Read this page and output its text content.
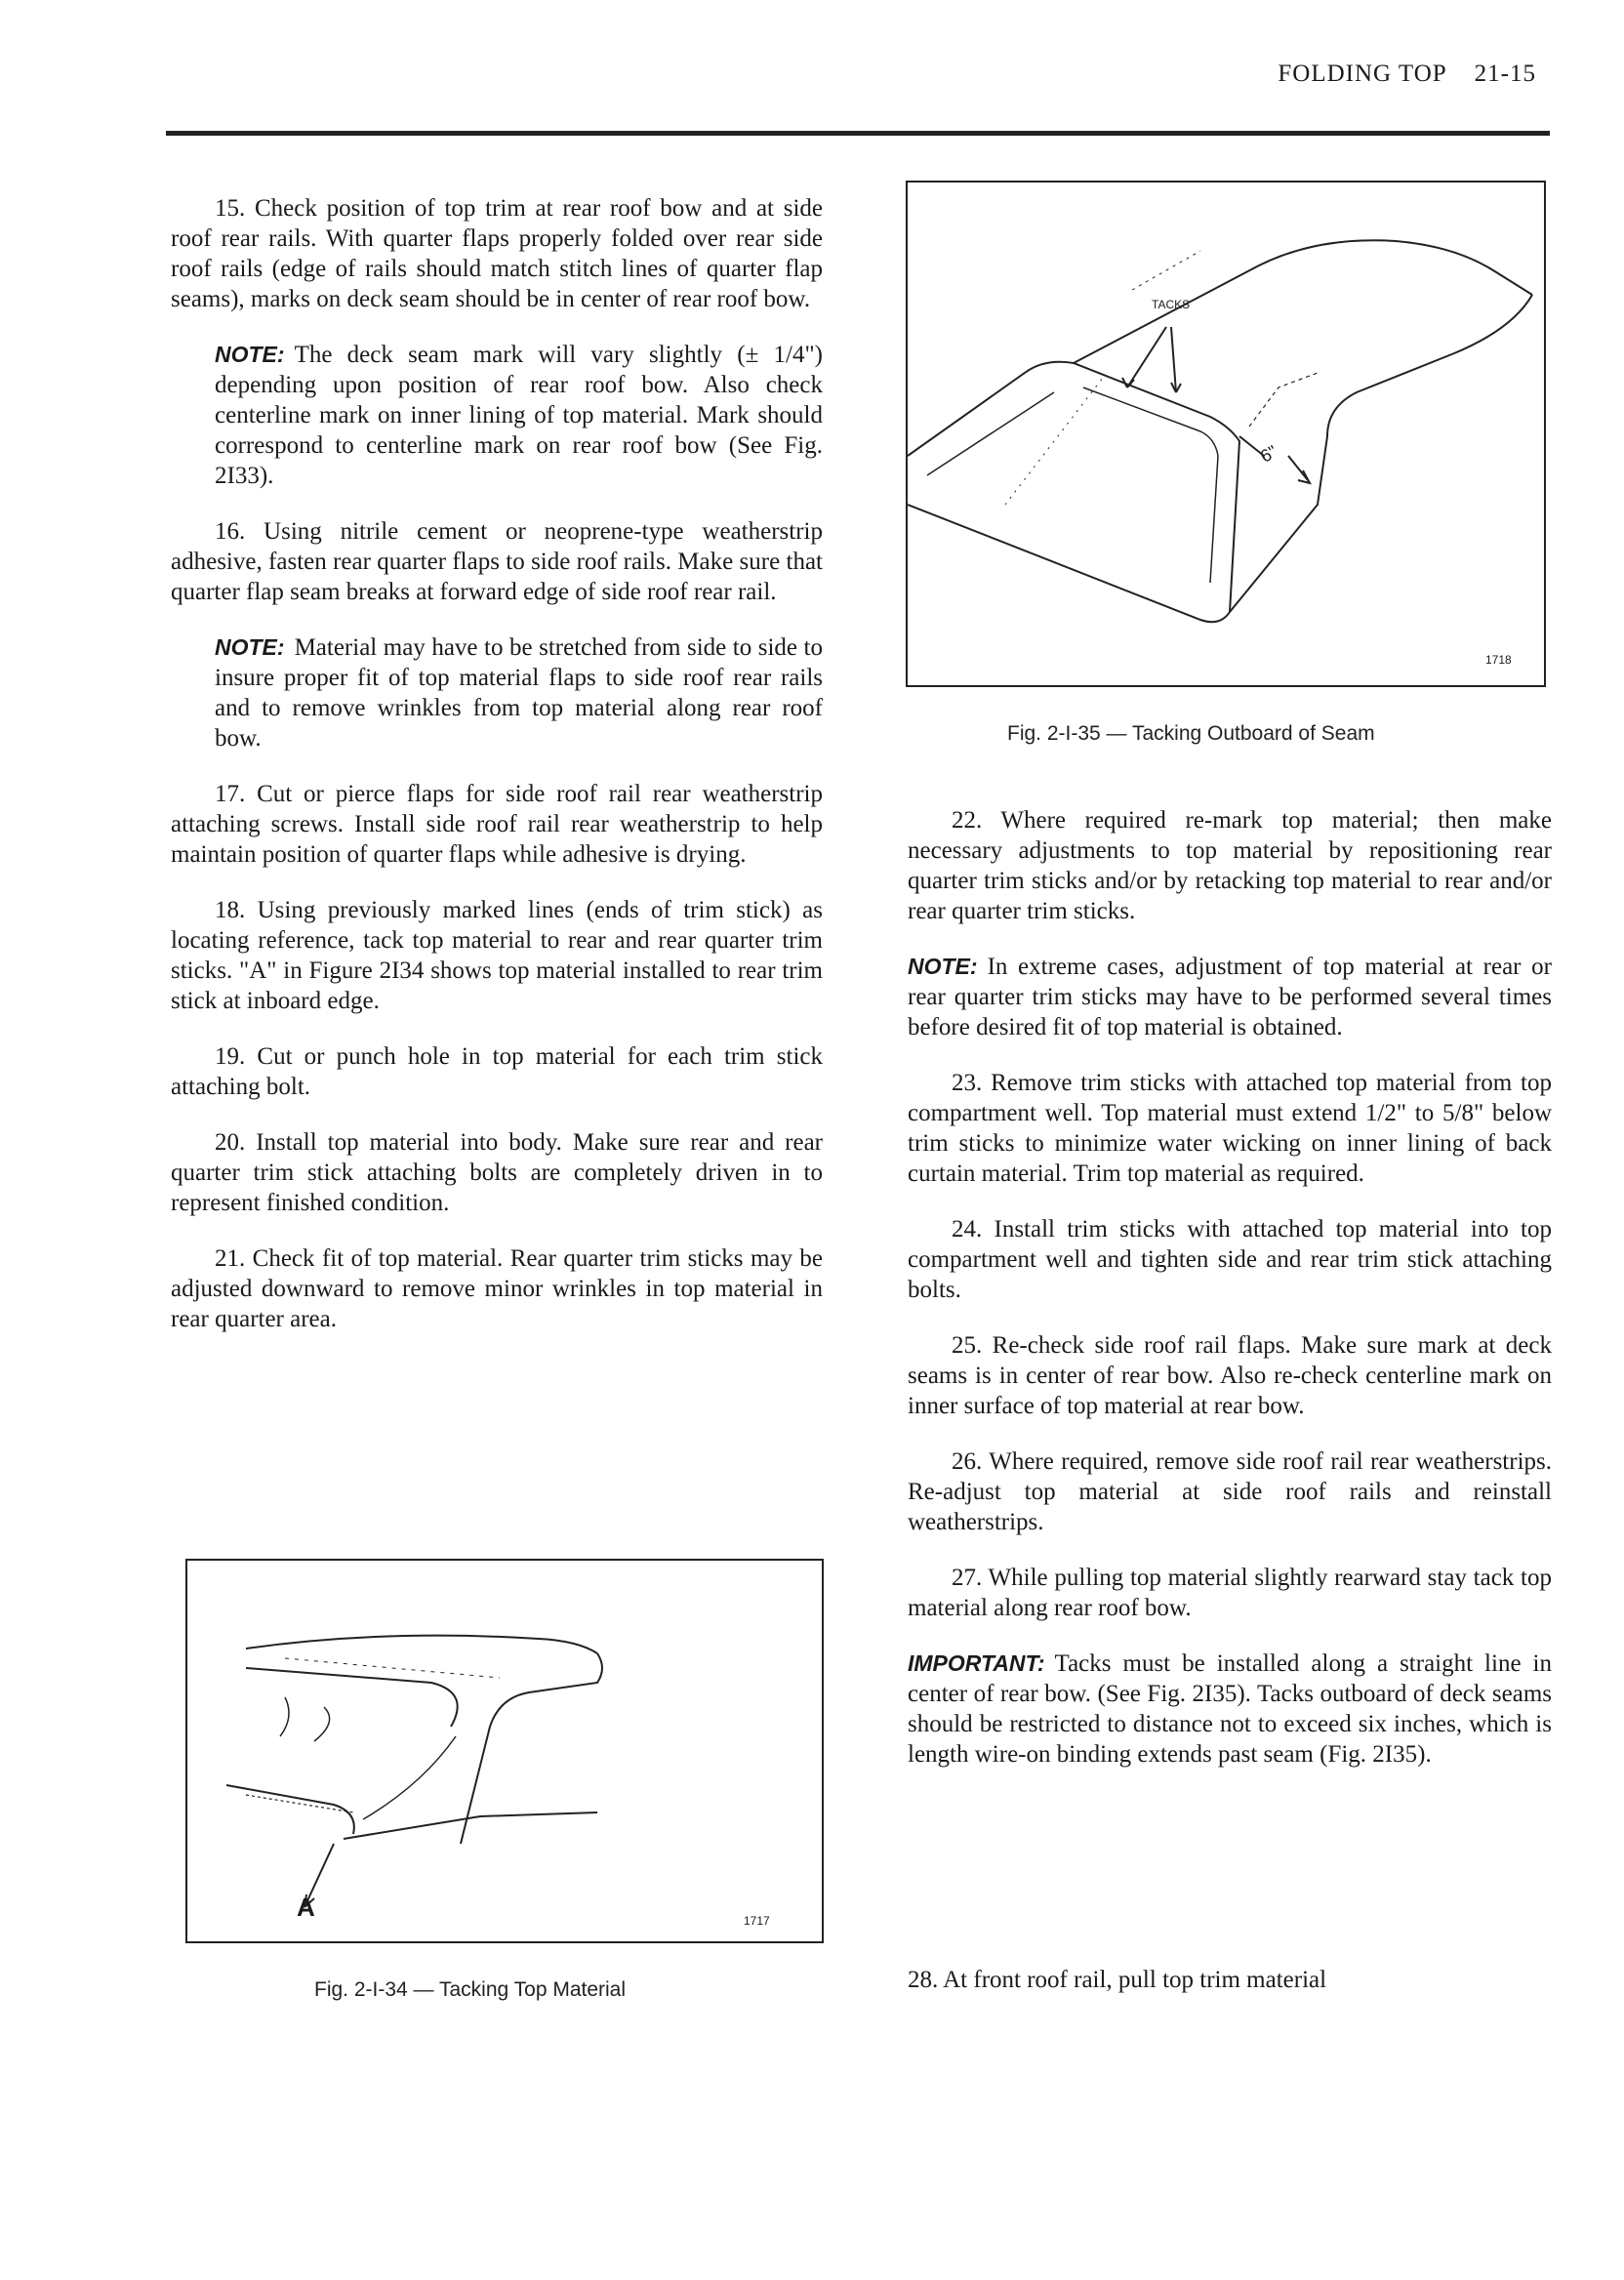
FOLDING TOP 21-15

15. Check position of top trim at rear roof bow and at side roof rear rails. With quarter flaps properly folded over rear side roof rails (edge of rails should match stitch lines of quarter flap seams), marks on deck seam should be in center of rear roof bow.

NOTE: The deck seam mark will vary slightly (± 1/4") depending upon position of rear roof bow. Also check centerline mark on inner lining of top material. Mark should correspond to centerline mark on rear roof bow (See Fig. 2I33).

16. Using nitrile cement or neoprene-type weatherstrip adhesive, fasten rear quarter flaps to side roof rails. Make sure that quarter flap seam breaks at forward edge of side roof rear rail.

NOTE: Material may have to be stretched from side to side to insure proper fit of top material flaps to side roof rear rails and to remove wrinkles from top material along rear roof bow.

17. Cut or pierce flaps for side roof rail rear weatherstrip attaching screws. Install side roof rail rear weatherstrip to help maintain position of quarter flaps while adhesive is drying.

18. Using previously marked lines (ends of trim stick) as locating reference, tack top material to rear and rear quarter trim sticks. "A" in Figure 2I34 shows top material installed to rear trim stick at inboard edge.

19. Cut or punch hole in top material for each trim stick attaching bolt.

20. Install top material into body. Make sure rear and rear quarter trim stick attaching bolts are completely driven in to represent finished condition.

21. Check fit of top material. Rear quarter trim sticks may be adjusted downward to remove minor wrinkles in top material in rear quarter area.

TACKS
6"
1718
Fig. 2-I-35 — Tacking Outboard of Seam

22. Where required re-mark top material; then make necessary adjustments to top material by repositioning rear quarter trim sticks and/or by retacking top material to rear and/or rear quarter trim sticks.

NOTE: In extreme cases, adjustment of top material at rear or rear quarter trim sticks may have to be performed several times before desired fit of top material is obtained.

23. Remove trim sticks with attached top material from top compartment well. Top material must extend 1/2" to 5/8" below trim sticks to minimize water wicking on inner lining of back curtain material. Trim top material as required.

24. Install trim sticks with attached top material into top compartment well and tighten side and rear trim stick attaching bolts.

25. Re-check side roof rail flaps. Make sure mark at deck seams is in center of rear bow. Also re-check centerline mark on inner surface of top material at rear bow.

26. Where required, remove side roof rail rear weatherstrips. Re-adjust top material at side roof rails and reinstall weatherstrips.

27. While pulling top material slightly rearward stay tack top material along rear roof bow.

IMPORTANT: Tacks must be installed along a straight line in center of rear bow. (See Fig. 2I35). Tacks outboard of deck seams should be restricted to distance not to exceed six inches, which is length wire-on binding extends past seam (Fig. 2I35).

28. At front roof rail, pull top trim material
A	1717
Fig. 2-I-34 — Tacking Top Material
